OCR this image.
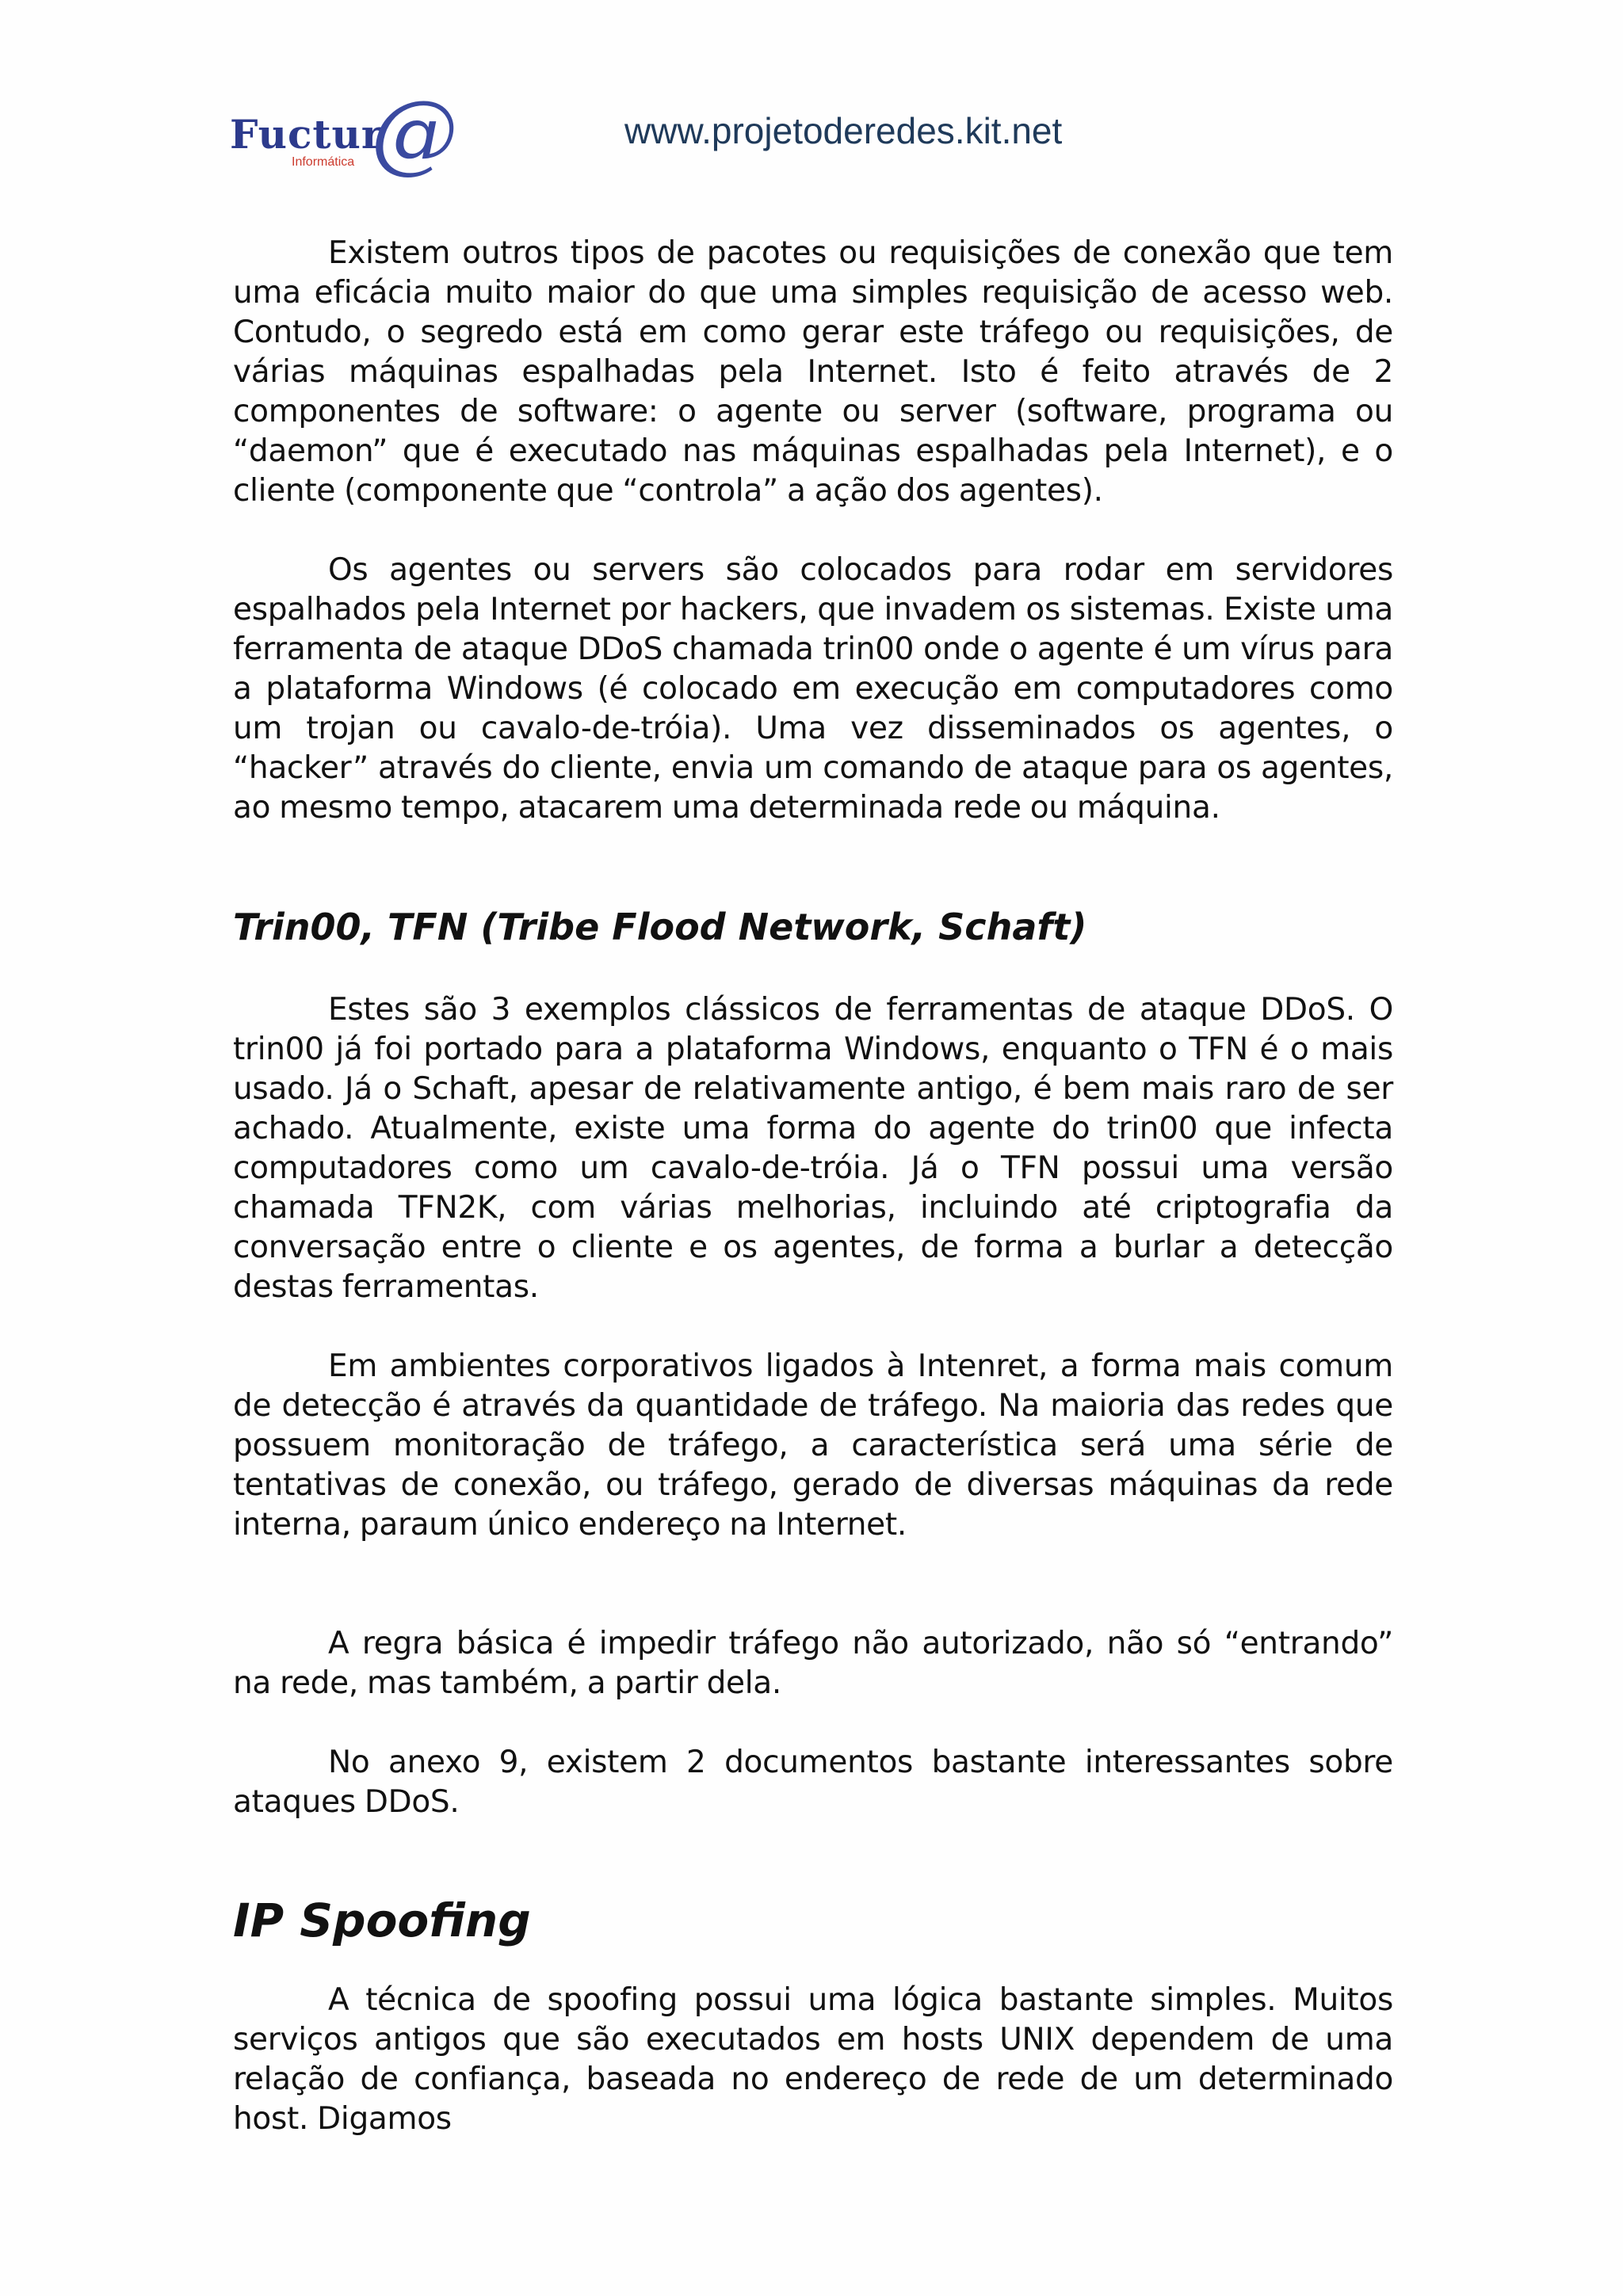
Fuctur
@
Informática
www.projetoderedes.kit.net

Existem outros tipos de pacotes ou requisições de conexão que tem uma eficácia muito maior do que uma simples requisição de acesso web. Contudo, o segredo está em como gerar este tráfego ou requisições, de várias máquinas espalhadas pela Internet. Isto é feito através de 2 componentes de software: o agente ou server (software, programa ou “daemon” que é executado nas máquinas espalhadas pela Internet), e o cliente (componente que “controla” a ação dos agentes).

Os agentes ou servers são colocados para rodar em servidores espalhados pela Internet por hackers, que invadem os sistemas. Existe uma ferramenta de ataque DDoS chamada trin00 onde o agente é um vírus para a plataforma Windows (é colocado em execução em computadores como um trojan ou cavalo-de-tróia). Uma vez disseminados os agentes, o “hacker” através do cliente, envia um comando de ataque para os agentes, ao mesmo tempo, atacarem uma determinada rede ou máquina.

Trin00, TFN (Tribe Flood Network, Schaft)

Estes são 3 exemplos clássicos de ferramentas de ataque DDoS. O trin00 já foi portado para a plataforma Windows, enquanto o TFN é o mais usado. Já o Schaft, apesar de relativamente antigo, é bem mais raro de ser achado. Atualmente, existe uma forma do agente do trin00 que infecta computadores como um cavalo-de-tróia. Já o TFN possui uma versão chamada TFN2K, com várias melhorias, incluindo até criptografia da conversação entre o cliente e os agentes, de forma a burlar a detecção destas ferramentas.

Em ambientes corporativos ligados à Intenret, a forma mais comum de detecção é através da quantidade de tráfego. Na maioria das redes que possuem monitoração de tráfego, a característica será uma série de tentativas de conexão, ou tráfego, gerado de diversas máquinas da rede interna, paraum único endereço na Internet.

A regra básica é impedir tráfego não autorizado, não só “entrando” na rede, mas também, a partir dela.

No anexo 9, existem 2 documentos bastante interessantes sobre ataques DDoS.

IP Spoofing

A técnica de spoofing possui uma lógica bastante simples. Muitos serviços antigos que são executados em hosts UNIX dependem de uma relação de confiança, baseada no endereço de rede de um determinado host. Digamos
